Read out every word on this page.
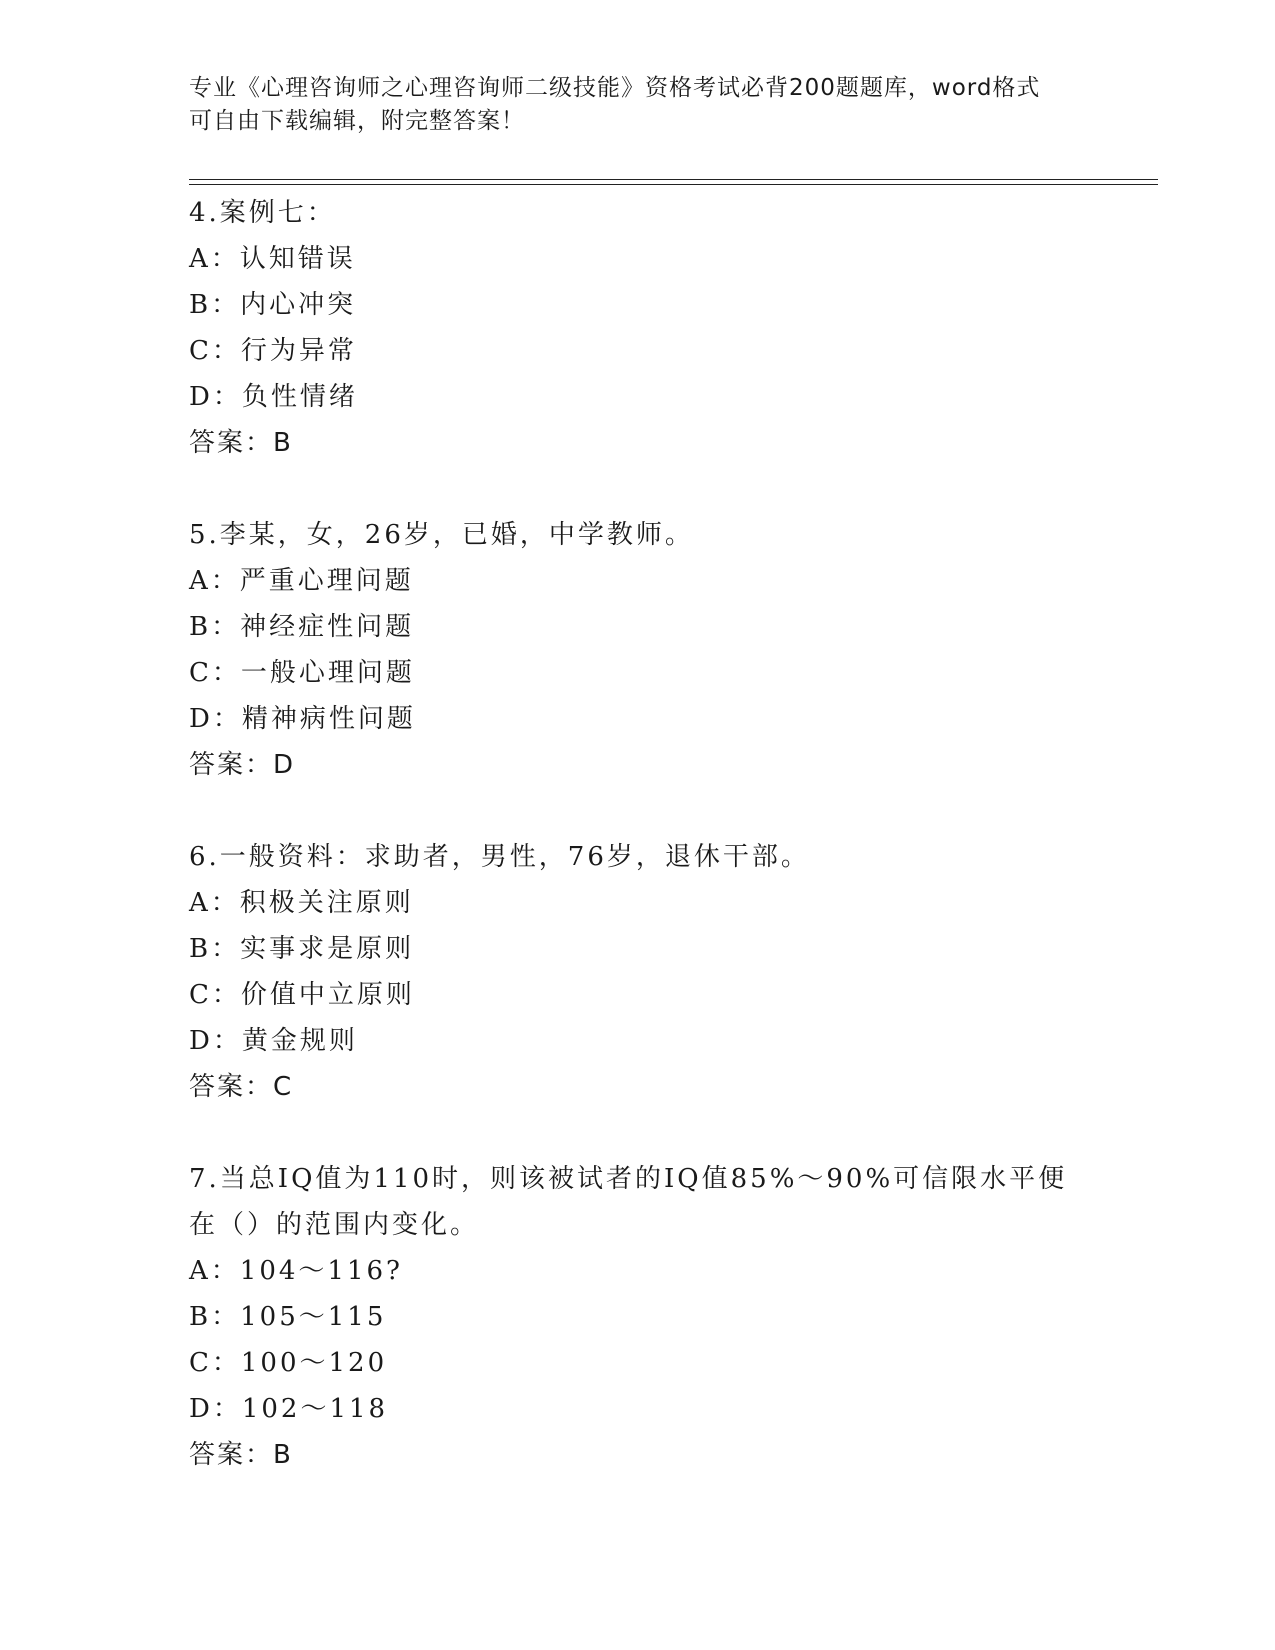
专业《心理咨询师之心理咨询师二级技能》资格考试必背200题题库，word格式
可自由下载编辑，附完整答案！
4.案例七：
A：认知错误
B：内心冲突
C：行为异常
D：负性情绪
答案：B
5.李某，女，26岁，已婚，中学教师。
A：严重心理问题
B：神经症性问题
C：一般心理问题
D：精神病性问题
答案：D
6.一般资料：求助者，男性，76岁，退休干部。
A：积极关注原则
B：实事求是原则
C：价值中立原则
D：黄金规则
答案：C
7.当总IQ值为110时，则该被试者的IQ值85%～90%可信限水平便
在（）的范围内变化。
A：104～116?
B：105～115
C：100～120
D：102～118
答案：B
